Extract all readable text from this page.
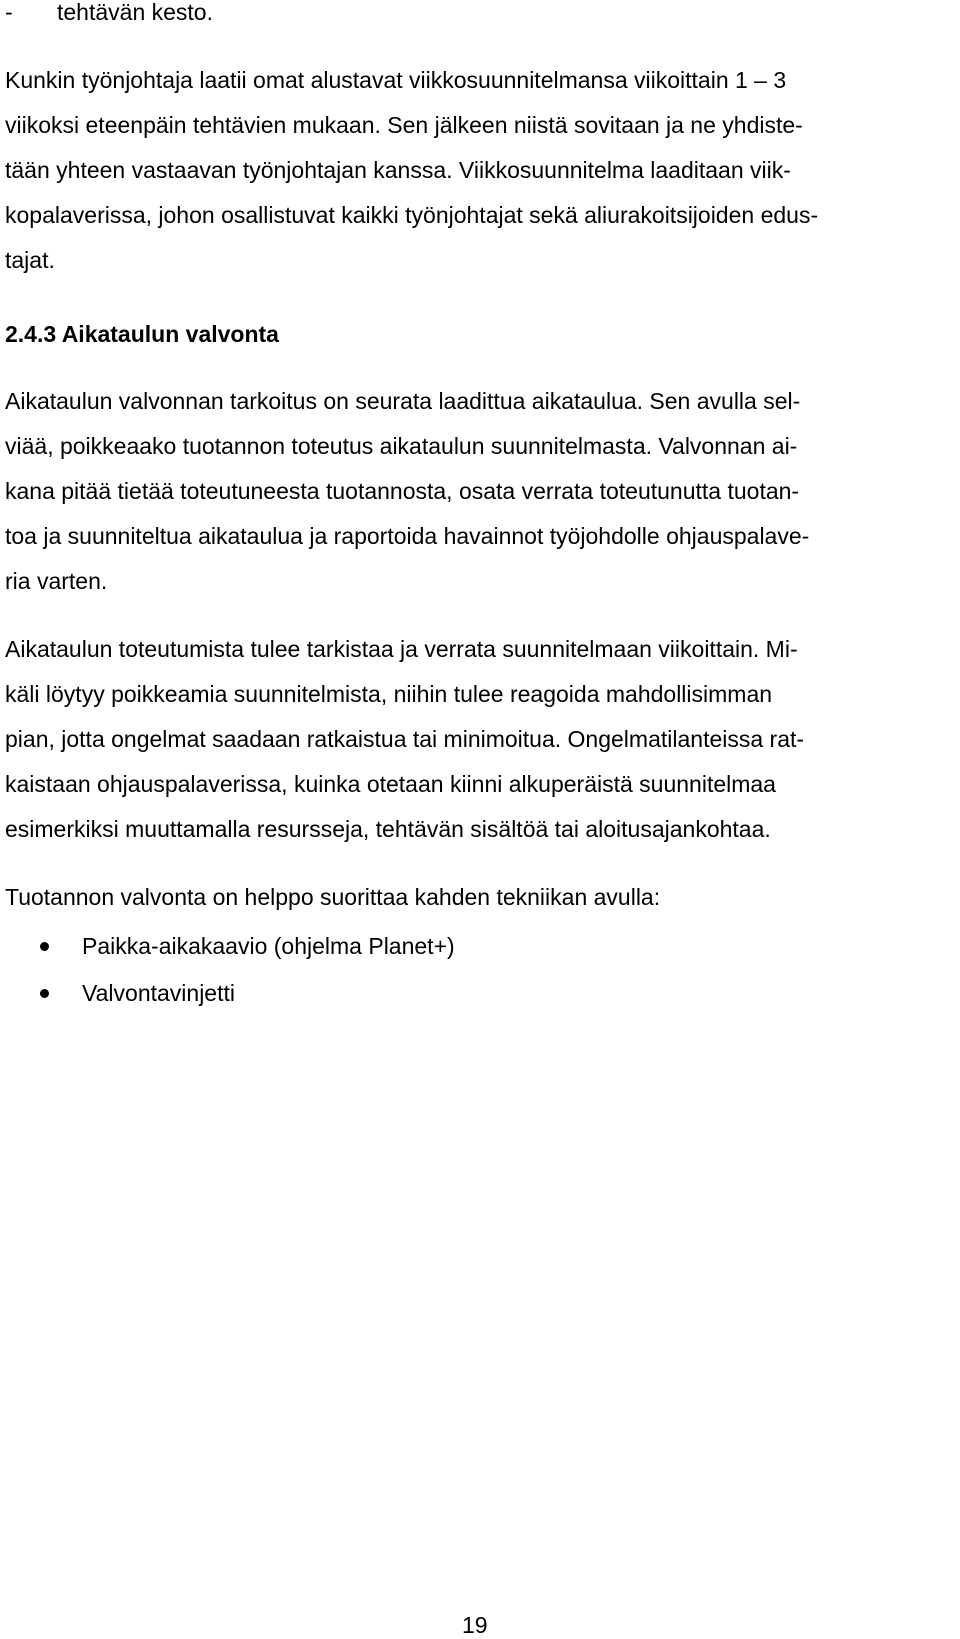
- tehtävän kesto.
Kunkin työnjohtaja laatii omat alustavat viikkosuunnitelmansa viikoittain 1 – 3
viikoksi eteenpäin tehtävien mukaan. Sen jälkeen niistä sovitaan ja ne yhdiste-
tään yhteen vastaavan työnjohtajan kanssa. Viikkosuunnitelma laaditaan viik-
kopalaverissa, johon osallistuvat kaikki työnjohtajat sekä aliurakoitsijoiden edus-
tajat.
2.4.3 Aikataulun valvonta
Aikataulun valvonnan tarkoitus on seurata laadittua aikataulua. Sen avulla sel-
viää, poikkeaako tuotannon toteutus aikataulun suunnitelmasta. Valvonnan ai-
kana pitää tietää toteutuneesta tuotannosta, osata verrata toteutunutta tuotan-
toa ja suunniteltua aikataulua ja raportoida havainnot työjohdolle ohjauspalave-
ria varten.
Aikataulun toteutumista tulee tarkistaa ja verrata suunnitelmaan viikoittain. Mi-
käli löytyy poikkeamia suunnitelmista, niihin tulee reagoida mahdollisimman
pian, jotta ongelmat saadaan ratkaistua tai minimoitua. Ongelmatilanteissa rat-
kaistaan ohjauspalaverissa, kuinka otetaan kiinni alkuperäistä suunnitelmaa
esimerkiksi muuttamalla resursseja, tehtävän sisältöä tai aloitusajankohtaa.
Tuotannon valvonta on helppo suorittaa kahden tekniikan avulla:
Paikka-aikakaavio (ohjelma Planet+)
Valvontavinjetti
19
